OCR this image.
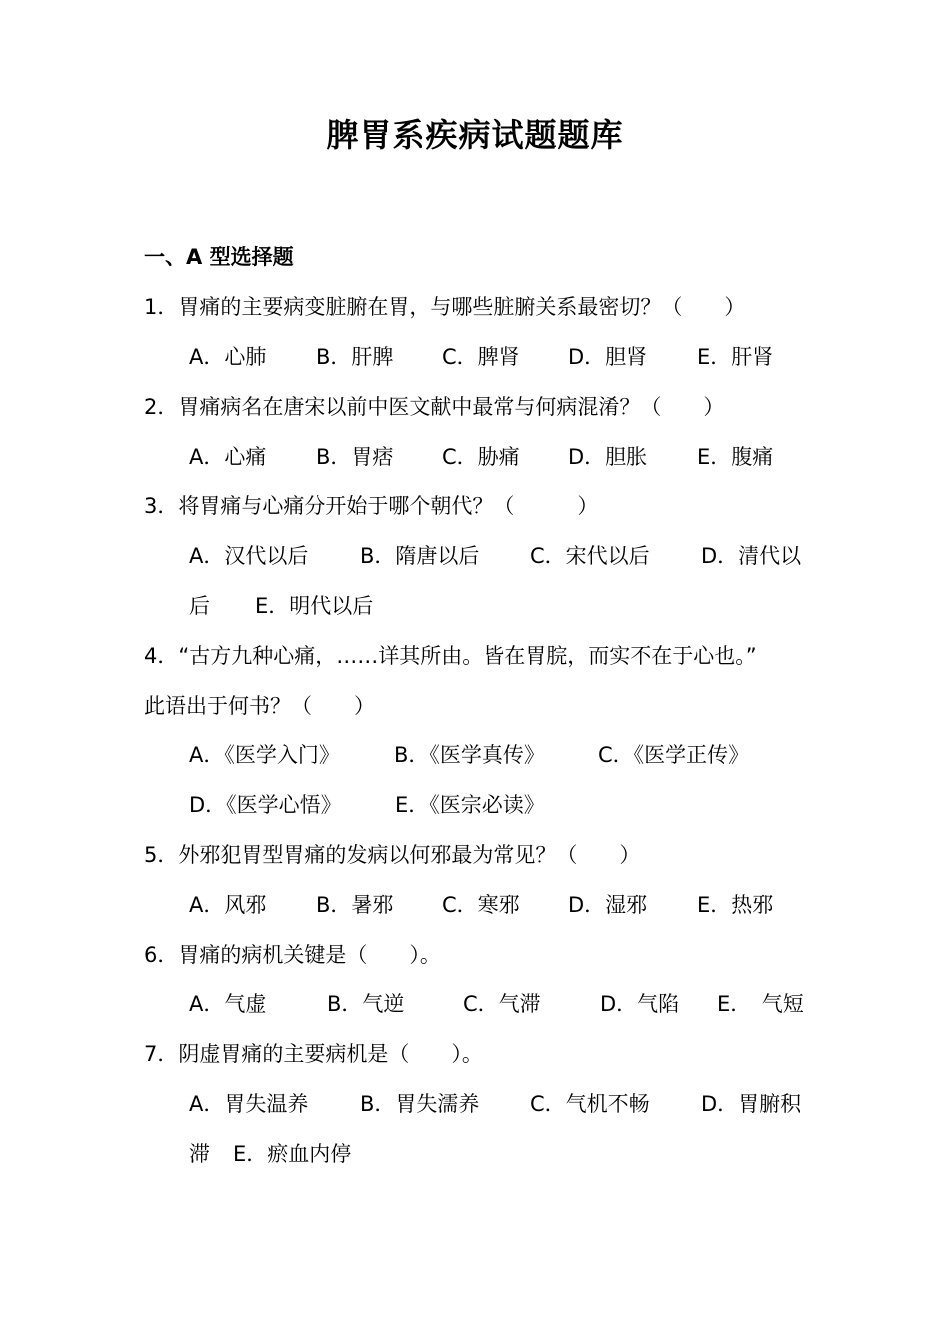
脾胃系疾病试题题库
一、A 型选择题
1．胃痛的主要病变脏腑在胃，与哪些脏腑关系最密切？（　　）
A．心肺 B．肝脾 C．脾肾 D．胆肾 E．肝肾
2．胃痛病名在唐宋以前中医文献中最常与何病混淆？（　　）
A．心痛 B．胃痞 C．胁痛 D．胆胀 E．腹痛
3．将胃痛与心痛分开始于哪个朝代？（　　　）
A．汉代以后 B．隋唐以后 C．宋代以后 D．清代以
后 E．明代以后
4．“古方九种心痛，……详其所由。皆在胃脘，而实不在于心也。”
此语出于何书？（　　）
A．《医学入门》	B．《医学真传》	C．《医学正传》
D．《医学心悟》	E．《医宗必读》
5．外邪犯胃型胃痛的发病以何邪最为常见？（　　）
A．风邪 B．暑邪 C．寒邪 D．湿邪 E．热邪
6．胃痛的病机关键是（　　）。
A．气虚	B．气逆	C．气滞	D．气陷 E．　气短
7．阴虚胃痛的主要病机是（　　）。
A．胃失温养 B．胃失濡养 C．气机不畅 D．胃腑积
滞 E．瘀血内停
